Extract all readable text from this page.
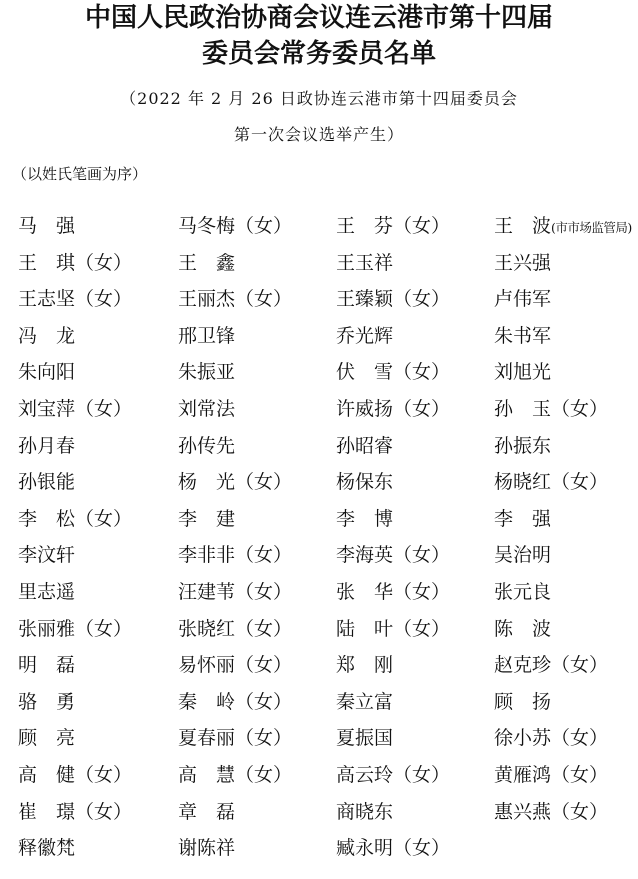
中国人民政治协商会议连云港市第十四届
委员会常务委员名单
（2022 年 2 月 26 日政协连云港市第十四届委员会
第一次会议选举产生）
（以姓氏笔画为序）
马　强	马冬梅（女） 王　芬（女） 王　波(市市场监管局)
王　琪（女） 王　鑫	王玉祥	王兴强
王志坚（女） 王丽杰（女） 王臻颖（女） 卢伟军
冯　龙	邢卫锋	乔光辉	朱书军
朱向阳	朱振亚	伏　雪（女） 刘旭光
刘宝萍（女） 刘常法	许威扬（女） 孙　玉（女）
孙月春	孙传先	孙昭睿	孙振东
孙银能	杨　光（女） 杨保东	杨晓红（女）
李　松（女） 李　建	李　博	李　强
李汶轩	李非非（女） 李海英（女） 吴治明
里志遥	汪建苇（女） 张　华（女） 张元良
张丽雅（女） 张晓红（女） 陆　叶（女） 陈　波
明　磊	易怀丽（女） 郑　刚	赵克珍（女）
骆　勇	秦　岭（女） 秦立富	顾　扬
顾　亮	夏春丽（女） 夏振国	徐小苏（女）
高　健（女） 高　慧（女） 高云玲（女） 黄雁鸿（女）
崔　璟（女） 章　磊	商晓东	惠兴燕（女）
释徽梵	谢陈祥	臧永明（女）
